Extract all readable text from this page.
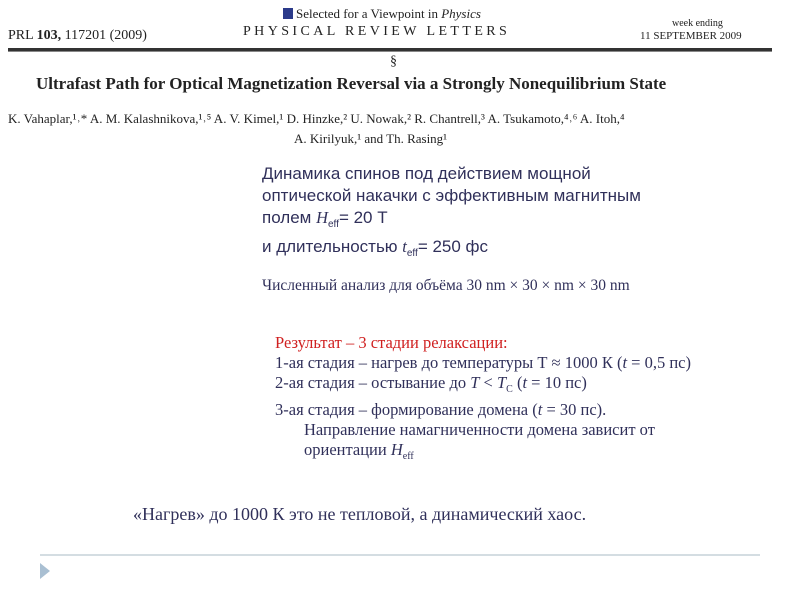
Selected for a Viewpoint in Physics
PRL 103, 117201 (2009)	PHYSICAL REVIEW LETTERS
week ending
11 SEPTEMBER 2009
§
Ultrafast Path for Optical Magnetization Reversal via a Strongly Nonequilibrium State
K. Vahaplar,¹˒* A. M. Kalashnikova,¹˒⁵ A. V. Kimel,¹ D. Hinzke,² U. Nowak,² R. Chantrell,³ A. Tsukamoto,⁴˒⁶ A. Itoh,⁴
A. Kirilyuk,¹ and Th. Rasing¹
Динамика спинов под действием мощной
оптической накачки с эффективным магнитным
полем $H_{eff}= 20$ Т
и длительностью $t_{eff}= 250$ фс
Численный анализ для объёма 30 nm × 30 × nm × 30 nm
Результат – 3 стадии релаксации:
1-ая стадия – нагрев до температуры Т ≈ 1000 К (t = 0,5 пс)
2-ая стадия – остывание до $T < T_C$ (t = 10 пс)
3-ая стадия – формирование домена (t = 30 пс).
Направление намагниченности домена зависит от
ориентации $H_{eff}$
«Нагрев» до 1000 К это не тепловой, а динамический хаос.
